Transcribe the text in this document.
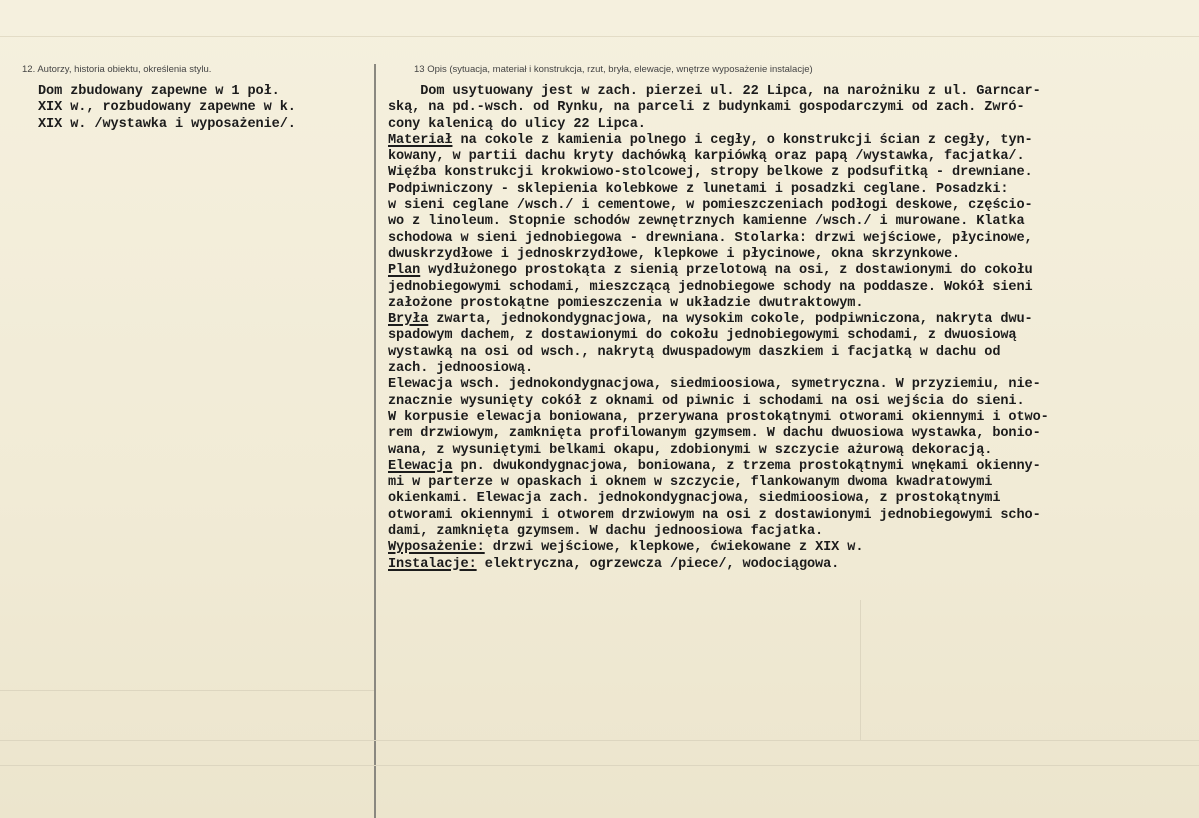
12. Autorzy, historia obiektu, określenia stylu.	13 Opis (sytuacja, materiał i konstrukcja, rzut, bryła, elewacje, wnętrze wyposażenie instalacje)
Dom zbudowany zapewne w 1 poł.
XIX w., rozbudowany zapewne w k.
XIX w. /wystawka i wyposażenie/.
Dom usytuowany jest w zach. pierzei ul. 22 Lipca, na narożniku z ul. Garncar-
ską, na pd.-wsch. od Rynku, na parceli z budynkami gospodarczymi od zach. Zwró-
cony kalenicą do ulicy 22 Lipca.
Materiał na cokole z kamienia polnego i cegły, o konstrukcji ścian z cegły, tyn-
kowany, w partii dachu kryty dachówką karpiówką oraz papą /wystawka, facjatka/.
Więźba konstrukcji krokwiowo-stolcowej, stropy belkowe z podsufitką - drewniane.
Podpiwniczony - sklepienia kolebkowe z lunetami i posadzki ceglane. Posadzki:
w sieni ceglane /wsch./ i cementowe, w pomieszczeniach podłogi deskowe, częścio-
wo z linoleum. Stopnie schodów zewnętrznych kamienne /wsch./ i murowane. Klatka
schodowa w sieni jednobiegowa - drewniana. Stolarka: drzwi wejściowe, płycinowe,
dwuskrzydłowe i jednoskrzydłowe, klepkowe i płycinowe, okna skrzynkowe.
Plan wydłużonego prostokąta z sienią przelotową na osi, z dostawionymi do cokołu
jednobiegowymi schodami, mieszczącą jednobiegowe schody na poddasze. Wokół sieni
założone prostokątne pomieszczenia w układzie dwutraktowym.
Bryła zwarta, jednokondygnacjowa, na wysokim cokole, podpiwniczona, nakryta dwu-
spadowym dachem, z dostawionymi do cokołu jednobiegowymi schodami, z dwuosiową
wystawką na osi od wsch., nakrytą dwuspadowym daszkiem i facjatką w dachu od
zach. jednoosiową.
Elewacja wsch. jednokondygnacjowa, siedmioosiowa, symetryczna. W przyziemiu, nie-
znacznie wysunięty cokół z oknami od piwnic i schodami na osi wejścia do sieni.
W korpusie elewacja boniowana, przerywana prostokątnymi otworami okiennymi i otwo-
rem drzwiowym, zamknięta profilowanym gzymsem. W dachu dwuosiowa wystawka, bonio-
wana, z wysuniętymi belkami okapu, zdobionymi w szczycie ażurową dekoracją.
Elewacja pn. dwukondygnacjowa, boniowana, z trzema prostokątnymi wnękami okienny-
mi w parterze w opaskach i oknem w szczycie, flankowanym dwoma kwadratowymi
okienkami. Elewacja zach. jednokondygnacjowa, siedmioosiowa, z prostokątnymi
otworami okiennymi i otworem drzwiowym na osi z dostawionymi jednobiegowymi scho-
dami, zamknięta gzymsem. W dachu jednoosiowa facjatka.
Wyposażenie: drzwi wejściowe, klepkowe, ćwiekowane z XIX w.
Instalacje: elektryczna, ogrzewcza /piece/, wodociągowa.
